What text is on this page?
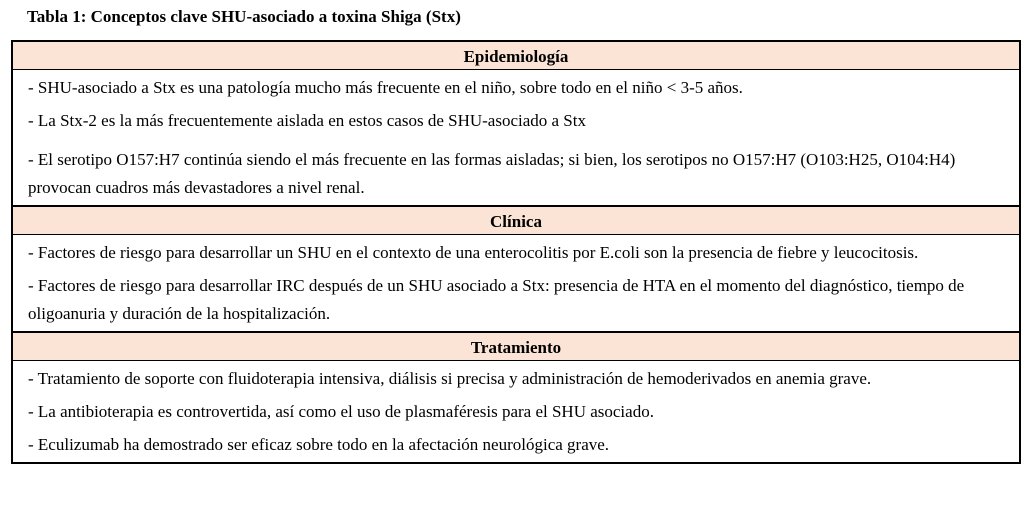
Tabla 1: Conceptos clave SHU-asociado a toxina Shiga (Stx)
Epidemiología

- SHU-asociado a Stx es una patología mucho más frecuente en el niño, sobre todo en el niño < 3-5 años.

- La Stx-2 es la más frecuentemente aislada en estos casos de SHU-asociado a Stx

- El serotipo O157:H7 continúa siendo el más frecuente en las formas aisladas; si bien, los serotipos no O157:H7 (O103:H25, O104:H4) provocan cuadros más devastadores a nivel renal.

Clínica

- Factores de riesgo para desarrollar un SHU en el contexto de una enterocolitis por E.coli son la presencia de fiebre y leucocitosis.

- Factores de riesgo para desarrollar IRC después de un SHU asociado a Stx: presencia de HTA en el momento del diagnóstico, tiempo de oligoanuria y duración de la hospitalización.

Tratamiento

- Tratamiento de soporte con fluidoterapia intensiva, diálisis si precisa y administración de hemoderivados en anemia grave.

- La antibioterapia es controvertida, así como el uso de plasmaféresis para el SHU asociado.

- Eculizumab ha demostrado ser eficaz sobre todo en la afectación neurológica grave.
